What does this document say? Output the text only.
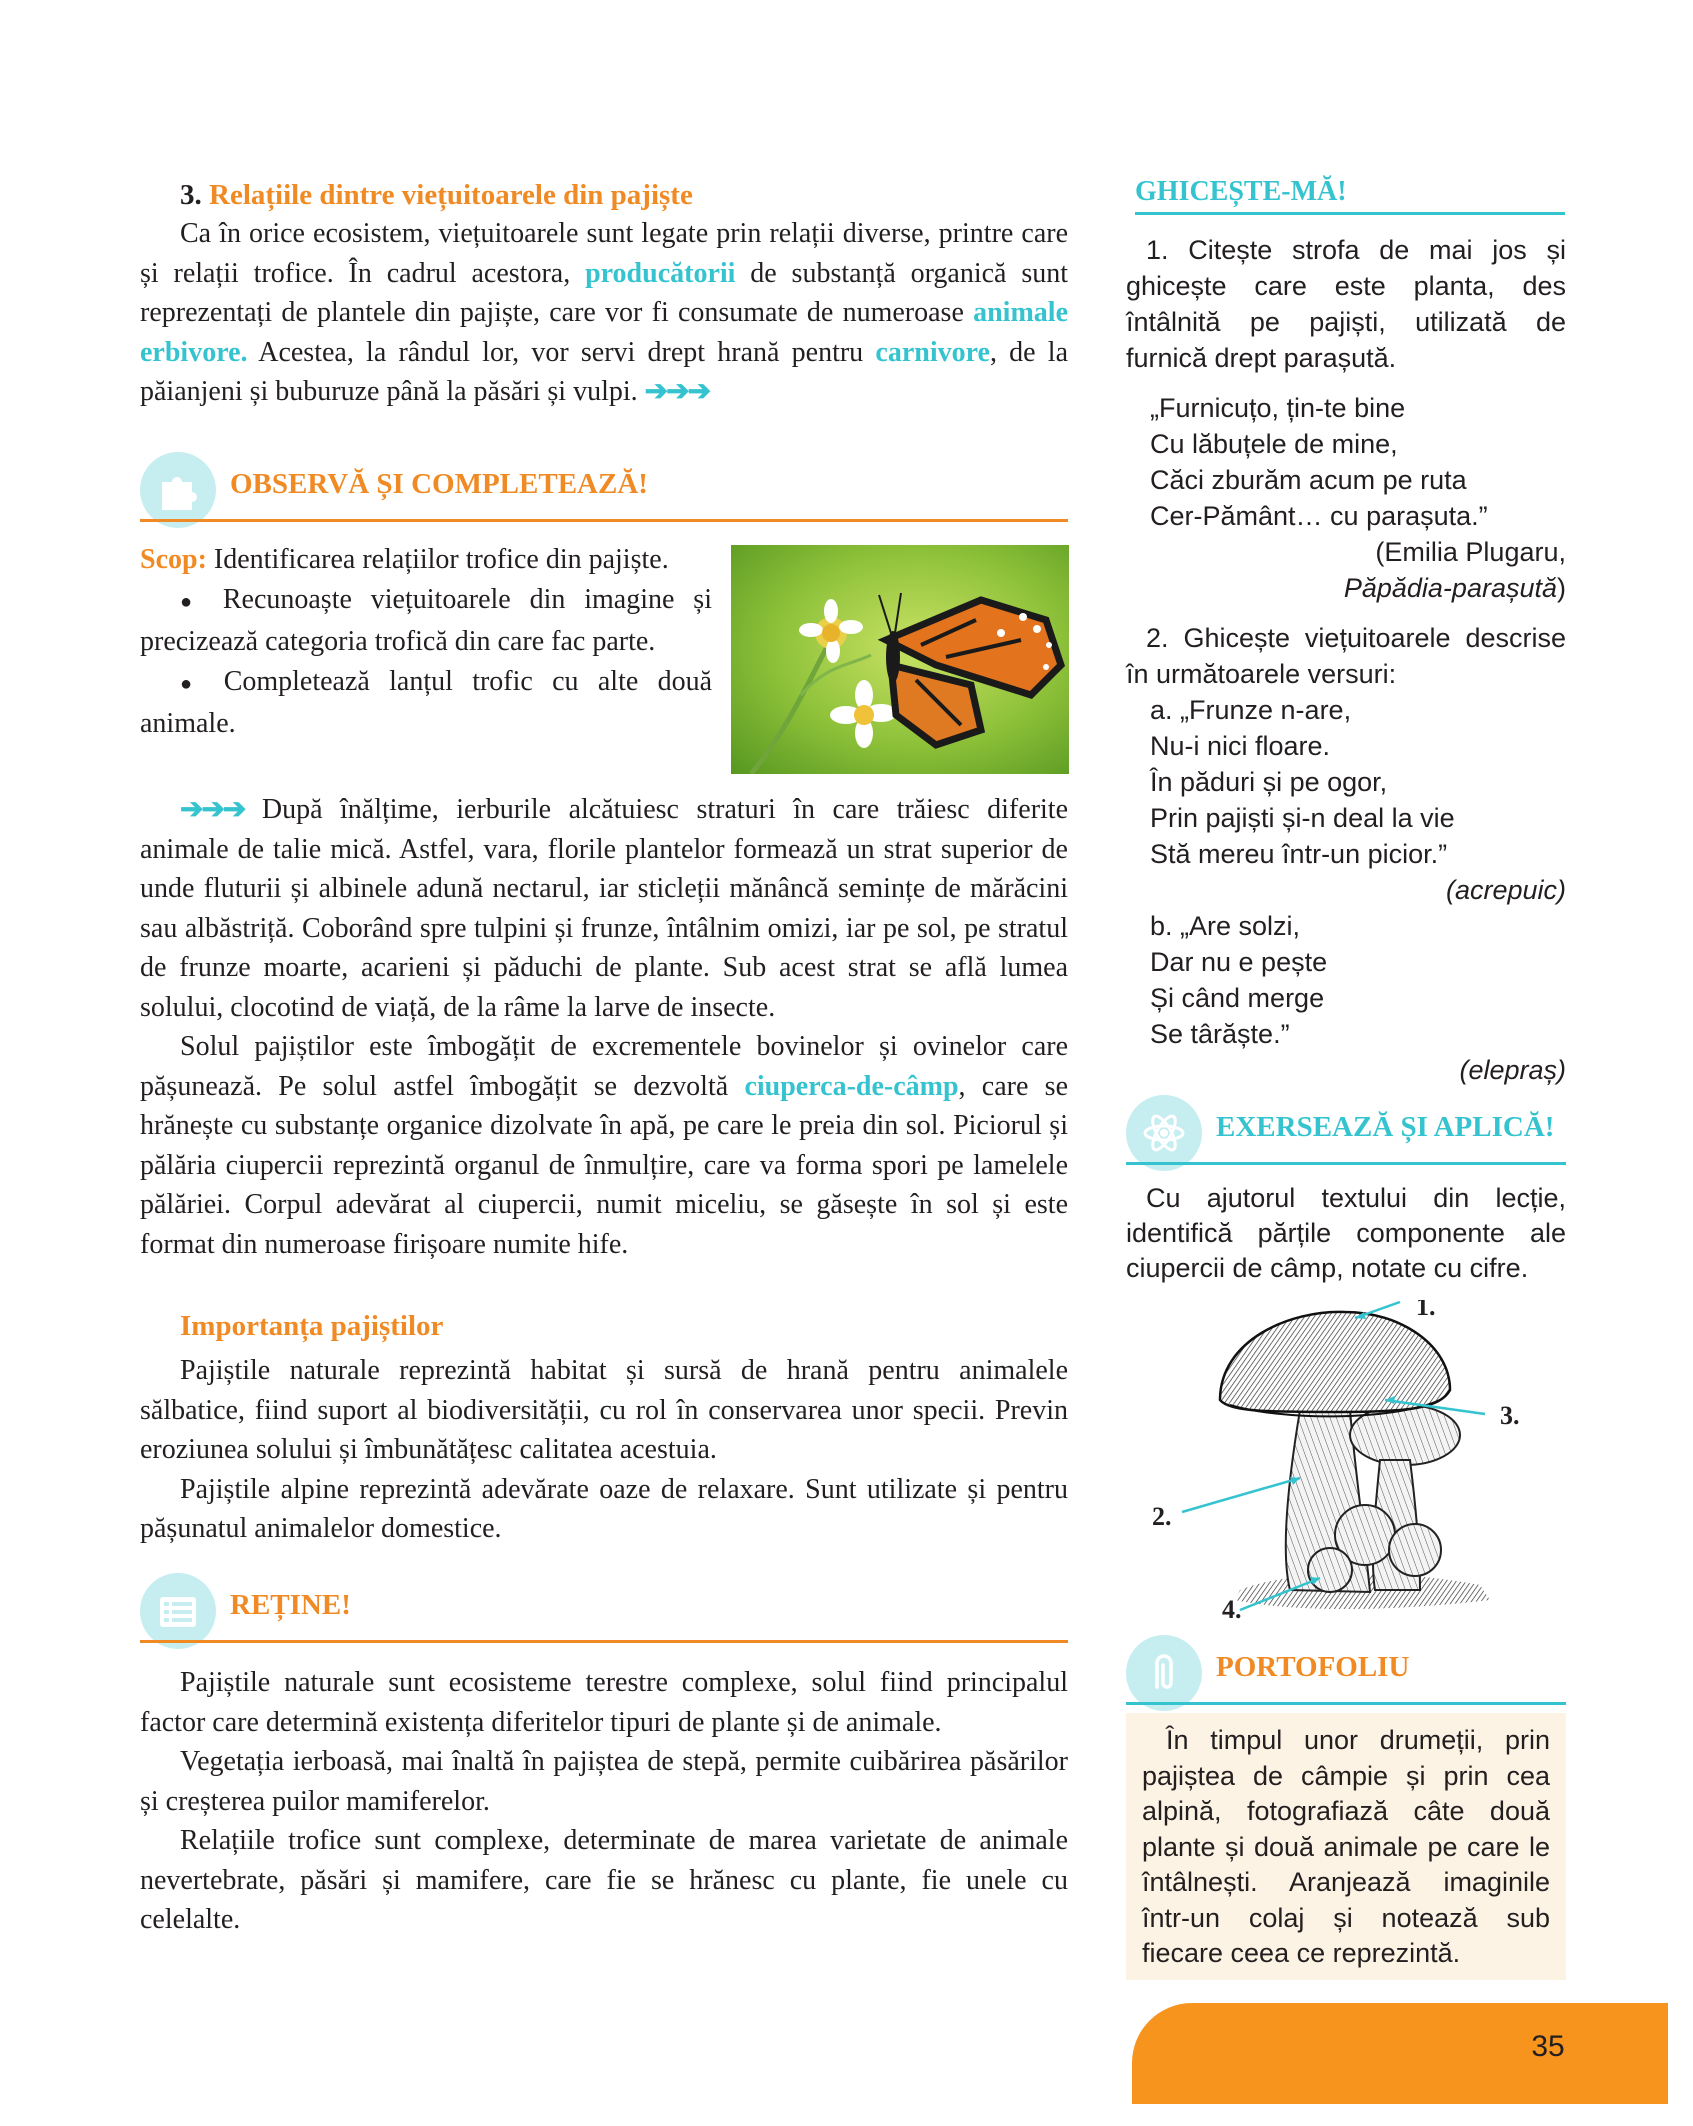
3. Relațiile dintre viețuitoarele din pajiște

Ca în orice ecosistem, viețuitoarele sunt legate prin relații diverse, printre care și relații trofice. În cadrul acestora, producătorii de substanță organică sunt reprezentați de plantele din pajiște, care vor fi consumate de numeroase animale erbivore. Acestea, la rândul lor, vor servi drept hrană pentru carnivore, de la păianjeni și buburuze până la păsări și vulpi. ➔➔➔

OBSERVĂ ȘI COMPLETEAZĂ!

Scop: Identificarea relațiilor trofice din pajiște.

● Recunoaște viețuitoarele din imagine și precizează categoria trofică din care fac parte.

● Completează lanțul trofic cu alte două animale.

➔➔➔ După înălțime, ierburile alcătuiesc straturi în care trăiesc diferite animale de talie mică. Astfel, vara, florile plantelor formează un strat superior de unde fluturii și albinele adună nectarul, iar sticleții mănâncă semințe de mărăcini sau albăstriță. Coborând spre tulpini și frunze, întâlnim omizi, iar pe sol, pe stratul de frunze moarte, acarieni și păduchi de plante. Sub acest strat se află lumea solului, clocotind de viață, de la râme la larve de insecte.

Solul pajiștilor este îmbogățit de excrementele bovinelor și ovinelor care pășunează. Pe solul astfel îmbogățit se dezvoltă ciuperca-de-câmp, care se hrănește cu substanțe organice dizolvate în apă, pe care le preia din sol. Piciorul și pălăria ciupercii reprezintă organul de înmulțire, care va forma spori pe lamelele pălăriei. Corpul adevărat al ciupercii, numit miceliu, se găsește în sol și este format din numeroase firișoare numite hife.

Importanța pajiștilor

Pajiștile naturale reprezintă habitat și sursă de hrană pentru animalele sălbatice, fiind suport al biodiversității, cu rol în conservarea unor specii. Previn eroziunea solului și îmbunătățesc calitatea acestuia.

Pajiștile alpine reprezintă adevărate oaze de relaxare. Sunt utilizate și pentru pășunatul animalelor domestice.

REȚINE!

Pajiștile naturale sunt ecosisteme terestre complexe, solul fiind principalul factor care determină existența diferitelor tipuri de plante și de animale.

Vegetația ierboasă, mai înaltă în pajiștea de stepă, permite cuibărirea păsărilor și creșterea puilor mamiferelor.

Relațiile trofice sunt complexe, determinate de marea varietate de animale nevertebrate, păsări și mamifere, care fie se hrănesc cu plante, fie unele cu celelalte.

GHICEȘTE-MĂ!

1. Citește strofa de mai jos și ghicește care este planta, des întâlnită pe pajiști, utilizată de furnică drept parașută.

„Furnicuțo, țin-te bine

Cu lăbuțele de mine,

Căci zburăm acum pe ruta

Cer-Pământ… cu parașuta.”

(Emilia Plugaru,

Păpădia-parașută)

2. Ghicește viețuitoarele descrise în următoarele versuri:

a. „Frunze n-are,

Nu-i nici floare.

În păduri și pe ogor,

Prin pajiști și-n deal la vie

Stă mereu într-un picior.”

(acrepuic)

b. „Are solzi,

Dar nu e pește

Și când merge

Se târăște.”

(elepraș)

EXERSEAZĂ ȘI APLICĂ!

Cu ajutorul textului din lecție, identifică părțile componente ale ciupercii de câmp, notate cu cifre.

1.
2.
3.
4.
PORTOFOLIU

În timpul unor drumeții, prin pajiștea de câmpie și prin cea alpină, fotografiază câte două plante și două animale pe care le întâlnești. Aranjează imaginile într-un colaj și notează sub fiecare ceea ce reprezintă.

35
